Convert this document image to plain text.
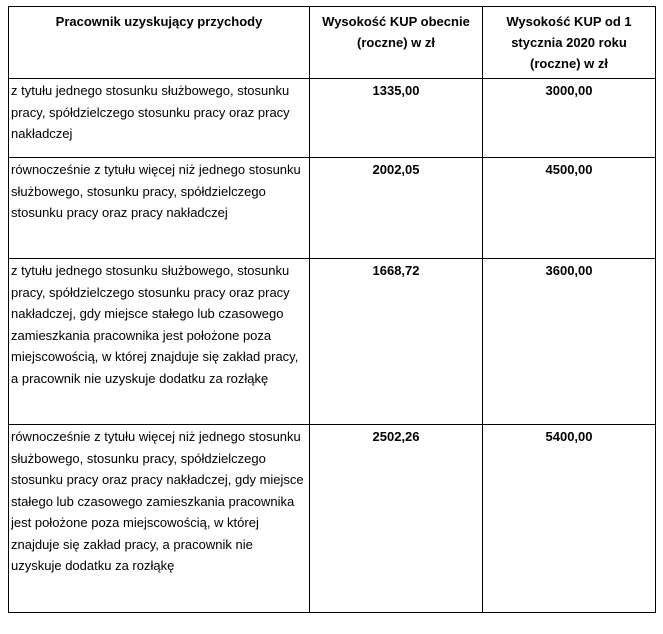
Pracownik uzyskujący przychody	Wysokość KUP obecnie (roczne) w zł	Wysokość KUP od 1 stycznia 2020 roku (roczne) w zł
z tytułu jednego stosunku służbowego, stosunku pracy, spółdzielczego stosunku pracy oraz pracy nakładczej	1335,00	3000,00
równocześnie z tytułu więcej niż jednego stosunku służbowego, stosunku pracy, spółdzielczego stosunku pracy oraz pracy nakładczej	2002,05	4500,00
z tytułu jednego stosunku służbowego, stosunku pracy, spółdzielczego stosunku pracy oraz pracy nakładczej, gdy miejsce stałego lub czasowego zamieszkania pracownika jest położone poza miejscowością, w której znajduje się zakład pracy, a pracownik nie uzyskuje dodatku za rozłąkę	1668,72	3600,00
równocześnie z tytułu więcej niż jednego stosunku służbowego, stosunku pracy, spółdzielczego stosunku pracy oraz pracy nakładczej, gdy miejsce stałego lub czasowego zamieszkania pracownika jest położone poza miejscowością, w której znajduje się zakład pracy, a pracownik nie uzyskuje dodatku za rozłąkę	2502,26	5400,00
